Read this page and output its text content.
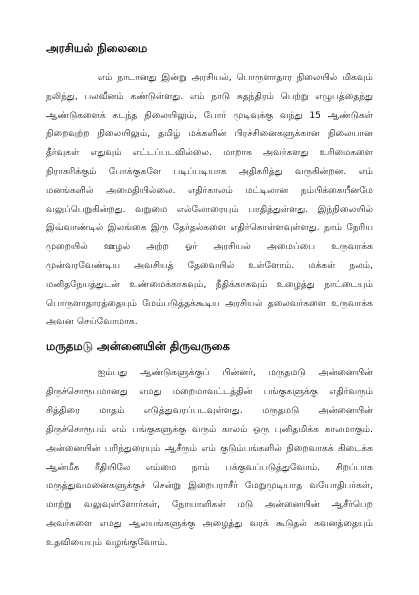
அரசியல் நிலைமை

எம் நாடானது இன்று அரசியல், பொருளாதார நிலையில் மிகவும் நலிந்து, பலவீனம் கண்டுள்ளது. எம் நாடு சுதந்திரம் பெற்று எழுபத்தைந்து ஆண்டுகளைக் கடந்த நிலையிலும், போர் முடிவுக்கு வந்து 15 ஆண்டுகள் நிறைவுற்ற நிலையிலும், தமிழ் மக்களின் பிரச்சினைகளுக்கான நிலையான தீர்வுகள் எதுவும் எட்டப்படவில்லை. மாறாக அவர்களது உரிமைகளை நிராகரிக்கும் போக்குகளே படிப்படியாக அதிகரித்து வருகின்றன. எம் மனங்களில் அமைதியில்லை. எதிர்காலம் மட்டிலான நம்பிக்கையீனமே வலுப்பெறுகின்றது. வறுமை எல்லோரையும் பாதித்துள்ளது. இந்நிலையில் இவ்வாண்டில் இலங்கை இரு தேர்தல்களை எதிர்கொள்ளவுள்ளது. நாம் நேரிய முறையில் ஊழல் அற்ற ஓர் அரசியல் அமைப்பை உருவாக்க முன்வரவேண்டிய அவசியத் தேவையில் உள்ளோம். மக்கள் நலம், மனிதநேயத்துடன் உண்மைக்காகவும், நீதிக்காகவும் உழைத்து நாட்டையும் பொருளாதாரத்தையும் மேம்படுத்தக்கூடிய அரசியல் தலைவர்களை உருவாக்க அவன செய்வோமாக.

மருதமடு அன்னையின் திருவருகை

ஐம்பது ஆண்டுகளுக்குப் பின்னர், மருதமடு அன்னையின் திருச்சொரூபமானது எமது மறைமாவட்டத்தின் பங்குகளுக்கு எதிர்வரும் சித்திரை மாதம் எடுத்துவரப்படவுள்ளது. மருதமடு அன்னையின் திருச்சொரூபம் எம் பங்குகளுக்கு வரும் காலம் ஒரு புனிதமிக்க காலமாகும். அன்னையின் பரிந்துரையும் ஆசீரும் எம் குடும்பங்களில் நிறைவாகக் கிடைக்க ஆன்மீக ரீதியிலே எம்மை நாம் பக்குவப்படுத்துவோம். சிறப்பாக மருத்துவமனைகளுக்குச் சென்று இறைபராசீர் மேறுமுடியாத வயோதிபர்கள், மாற்று வலுவுள்ளோர்கள், நோயாளிகள் மடு அன்னையின் ஆசீர்பெற அவர்களை எமது ஆலயங்களுக்கு அழைத்து வரக் கூடுதல் கவனத்தையும் உதவியையும் வழங்குவோம்.
